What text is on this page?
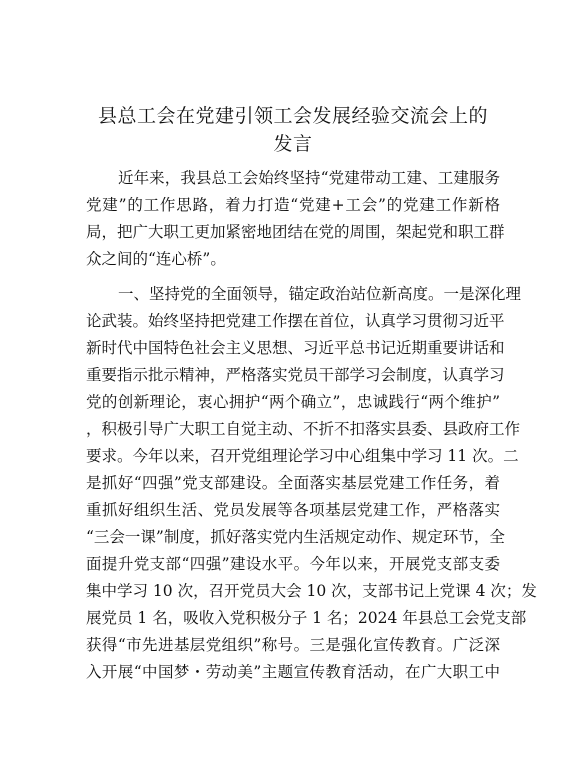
县总工会在党建引领工会发展经验交流会上的
发言
近年来，我县总工会始终坚持“党建带动工建、工建服务
党建”的工作思路，着力打造“党建+工会”的党建工作新格
局，把广大职工更加紧密地团结在党的周围，架起党和职工群
众之间的“连心桥”。
一、坚持党的全面领导，锚定政治站位新高度。一是深化理
论武装。始终坚持把党建工作摆在首位，认真学习贯彻习近平
新时代中国特色社会主义思想、习近平总书记近期重要讲话和
重要指示批示精神，严格落实党员干部学习会制度，认真学习
党的创新理论，衷心拥护“两个确立”，忠诚践行“两个维护”
，积极引导广大职工自觉主动、不折不扣落实县委、县政府工作
要求。今年以来，召开党组理论学习中心组集中学习 11 次。二
是抓好“四强”党支部建设。全面落实基层党建工作任务，着
重抓好组织生活、党员发展等各项基层党建工作，严格落实
“三会一课”制度，抓好落实党内生活规定动作、规定环节，全
面提升党支部“四强”建设水平。今年以来，开展党支部支委
集中学习 10 次，召开党员大会 10 次，支部书记上党课 4 次；发
展党员 1 名，吸收入党积极分子 1 名；2024 年县总工会党支部
获得“市先进基层党组织”称号。三是强化宣传教育。广泛深
入开展“中国梦・劳动美”主题宣传教育活动，在广大职工中
